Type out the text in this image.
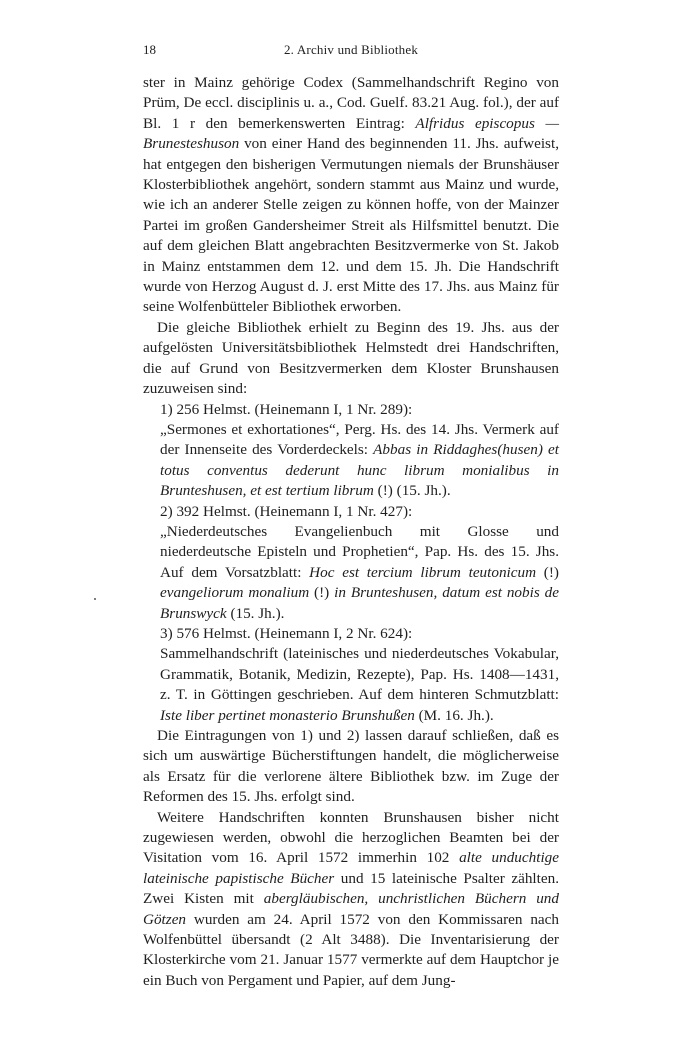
18	2. Archiv und Bibliothek

ster in Mainz gehörige Codex (Sammelhandschrift Regino von Prüm, De eccl. disciplinis u. a., Cod. Guelf. 83.21 Aug. fol.), der auf Bl. 1 r den bemerkenswerten Eintrag: Alfridus episcopus — Brunesteshuson von einer Hand des beginnenden 11. Jhs. aufweist, hat entgegen den bisherigen Vermutungen niemals der Brunshäuser Klosterbibliothek angehört, sondern stammt aus Mainz und wurde, wie ich an anderer Stelle zeigen zu können hoffe, von der Mainzer Partei im großen Gandersheimer Streit als Hilfsmittel benutzt. Die auf dem gleichen Blatt angebrachten Besitzvermerke von St. Jakob in Mainz entstammen dem 12. und dem 15. Jh. Die Handschrift wurde von Herzog August d. J. erst Mitte des 17. Jhs. aus Mainz für seine Wolfenbütteler Bibliothek erworben.

Die gleiche Bibliothek erhielt zu Beginn des 19. Jhs. aus der aufgelösten Universitätsbibliothek Helmstedt drei Handschriften, die auf Grund von Besitzvermerken dem Kloster Brunshausen zuzuweisen sind:

1) 256 Helmst. (Heinemann I, 1 Nr. 289):

„Sermones et exhortationes“, Perg. Hs. des 14. Jhs. Vermerk auf der Innenseite des Vorderdeckels: Abbas in Riddaghes(husen) et totus conventus dederunt hunc librum monialibus in Brunteshusen, et est tertium librum (!) (15. Jh.).

2) 392 Helmst. (Heinemann I, 1 Nr. 427):

„Niederdeutsches Evangelienbuch mit Glosse und niederdeutsche Episteln und Prophetien“, Pap. Hs. des 15. Jhs. Auf dem Vorsatzblatt: Hoc est tercium librum teutonicum (!) evangeliorum monalium (!) in Brunteshusen, datum est nobis de Brunswyck (15. Jh.).

3) 576 Helmst. (Heinemann I, 2 Nr. 624):

Sammelhandschrift (lateinisches und niederdeutsches Vokabular, Grammatik, Botanik, Medizin, Rezepte), Pap. Hs. 1408—1431, z. T. in Göttingen geschrieben. Auf dem hinteren Schmutzblatt: Iste liber pertinet monasterio Brunshußen (M. 16. Jh.).

Die Eintragungen von 1) und 2) lassen darauf schließen, daß es sich um auswärtige Bücherstiftungen handelt, die möglicherweise als Ersatz für die verlorene ältere Bibliothek bzw. im Zuge der Reformen des 15. Jhs. erfolgt sind.

Weitere Handschriften konnten Brunshausen bisher nicht zugewiesen werden, obwohl die herzoglichen Beamten bei der Visitation vom 16. April 1572 immerhin 102 alte unduchtige lateinische papistische Bücher und 15 lateinische Psalter zählten. Zwei Kisten mit abergläubischen, unchristlichen Büchern und Götzen wurden am 24. April 1572 von den Kommissaren nach Wolfenbüttel übersandt (2 Alt 3488). Die Inventarisierung der Klosterkirche vom 21. Januar 1577 vermerkte auf dem Hauptchor je ein Buch von Pergament und Papier, auf dem Jung-
